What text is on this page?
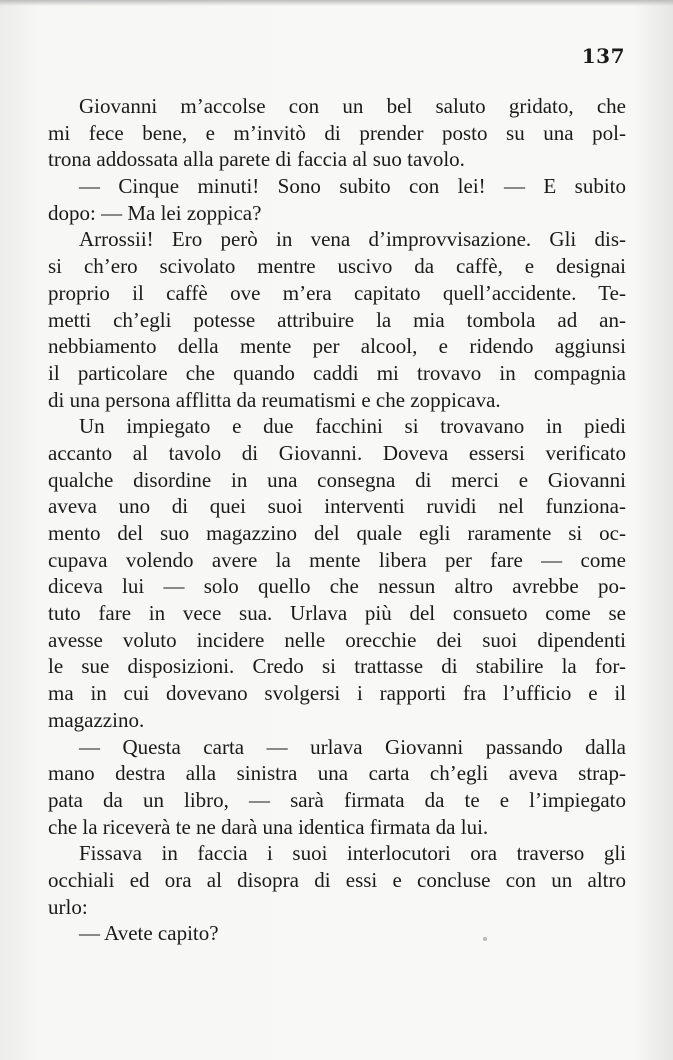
137
Giovanni m’accolse con un bel saluto gridato, che
mi fece bene, e m’invitò di prender posto su una pol-
trona addossata alla parete di faccia al suo tavolo.
— Cinque minuti! Sono subito con lei! — E subito
dopo: — Ma lei zoppica?
Arrossii! Ero però in vena d’improvvisazione. Gli dis-
si ch’ero scivolato mentre uscivo da caffè, e designai
proprio il caffè ove m’era capitato quell’accidente. Te-
metti ch’egli potesse attribuire la mia tombola ad an-
nebbiamento della mente per alcool, e ridendo aggiunsi
il particolare che quando caddi mi trovavo in compagnia
di una persona afflitta da reumatismi e che zoppicava.
Un impiegato e due facchini si trovavano in piedi
accanto al tavolo di Giovanni. Doveva essersi verificato
qualche disordine in una consegna di merci e Giovanni
aveva uno di quei suoi interventi ruvidi nel funziona-
mento del suo magazzino del quale egli raramente si oc-
cupava volendo avere la mente libera per fare — come
diceva lui — solo quello che nessun altro avrebbe po-
tuto fare in vece sua. Urlava più del consueto come se
avesse voluto incidere nelle orecchie dei suoi dipendenti
le sue disposizioni. Credo si trattasse di stabilire la for-
ma in cui dovevano svolgersi i rapporti fra l’ufficio e il
magazzino.
— Questa carta — urlava Giovanni passando dalla
mano destra alla sinistra una carta ch’egli aveva strap-
pata da un libro, — sarà firmata da te e l’impiegato
che la riceverà te ne darà una identica firmata da lui.
Fissava in faccia i suoi interlocutori ora traverso gli
occhiali ed ora al disopra di essi e concluse con un altro
urlo:
— Avete capito?
